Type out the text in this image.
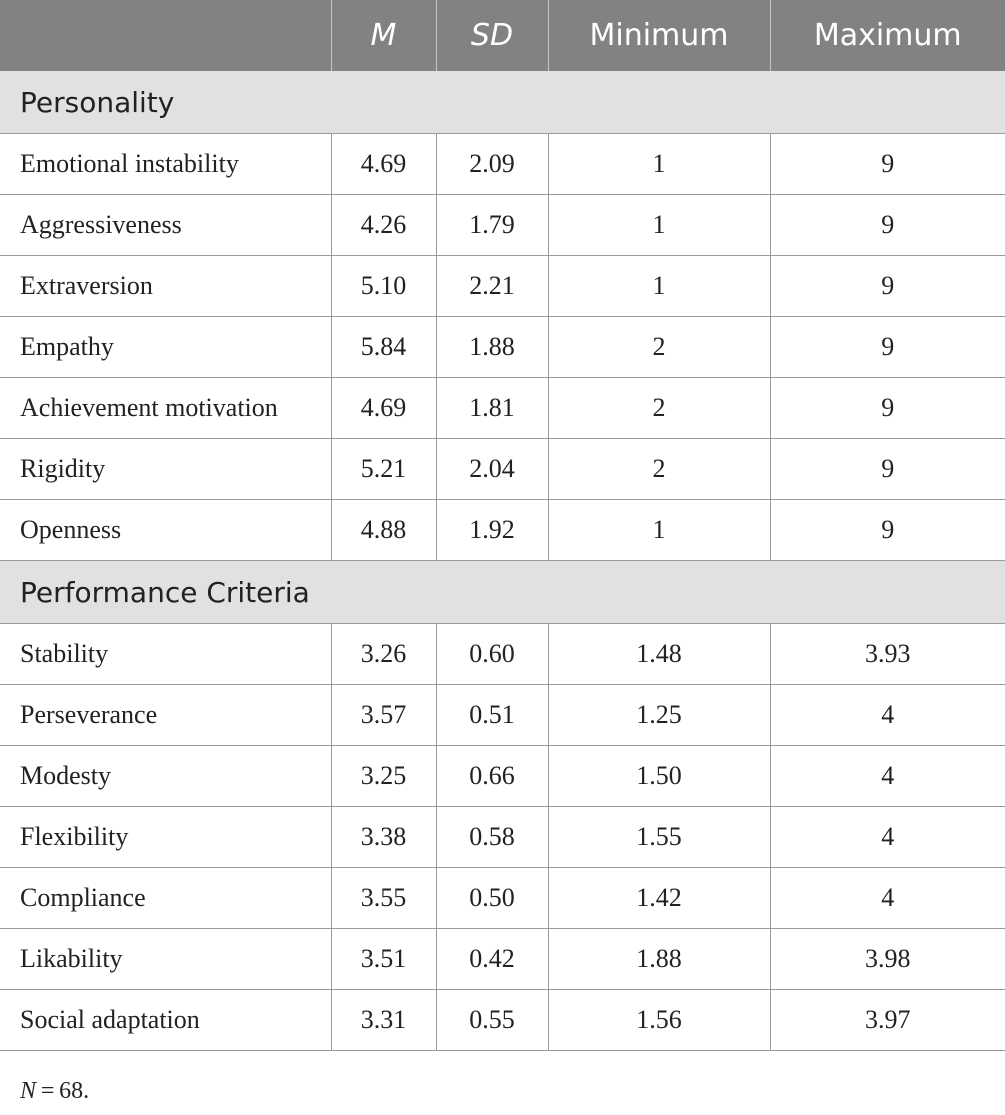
	M	SD	Minimum	Maximum
Personality				
Emotional instability	4.69	2.09	1	9
Aggressiveness	4.26	1.79	1	9
Extraversion	5.10	2.21	1	9
Empathy	5.84	1.88	2	9
Achievement motivation	4.69	1.81	2	9
Rigidity	5.21	2.04	2	9
Openness	4.88	1.92	1	9
Performance Criteria				
Stability	3.26	0.60	1.48	3.93
Perseverance	3.57	0.51	1.25	4
Modesty	3.25	0.66	1.50	4
Flexibility	3.38	0.58	1.55	4
Compliance	3.55	0.50	1.42	4
Likability	3.51	0.42	1.88	3.98
Social adaptation	3.31	0.55	1.56	3.97
N = 68.
